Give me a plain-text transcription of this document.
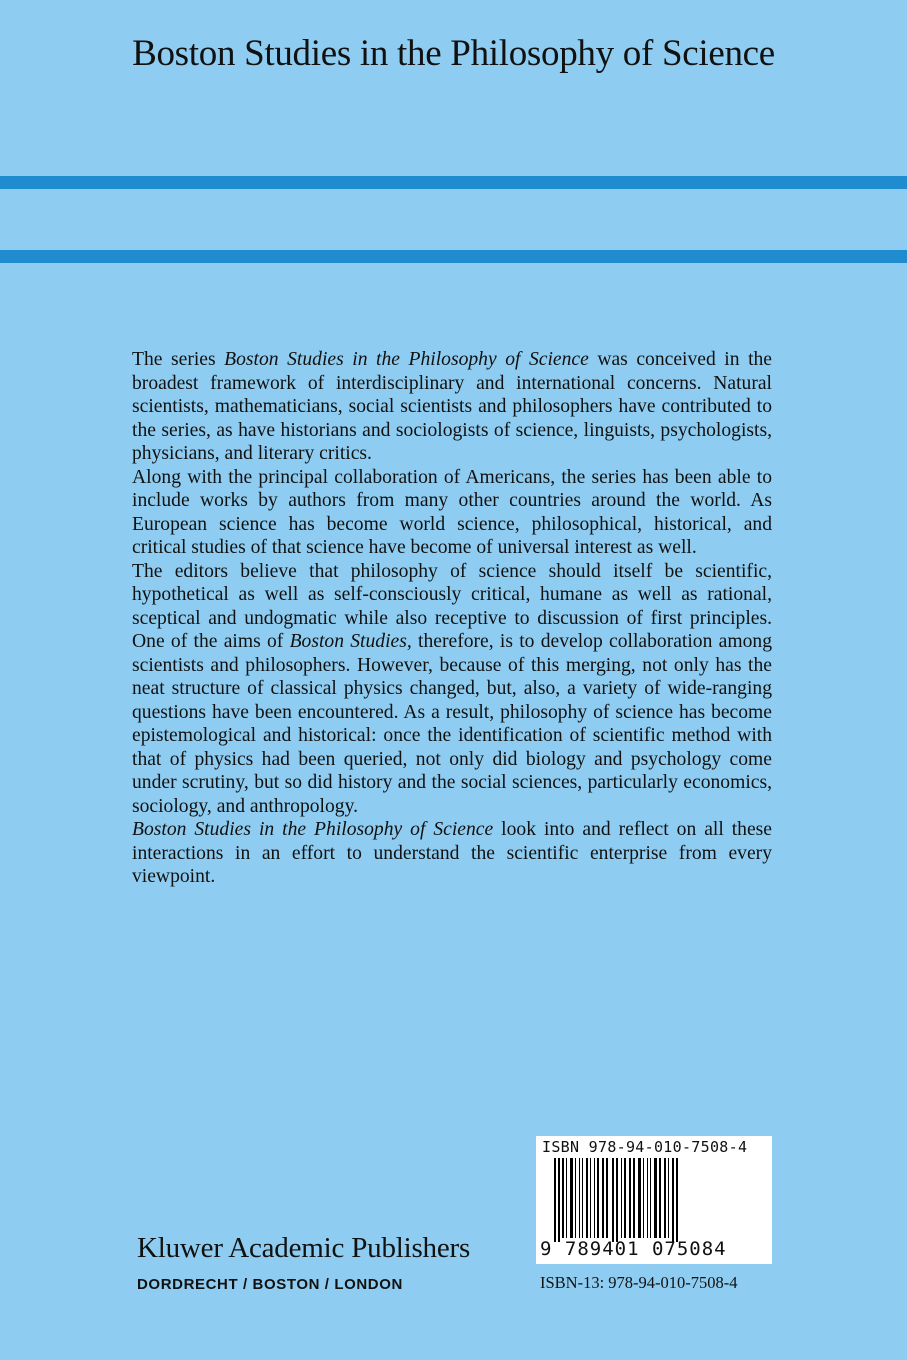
Boston Studies in the Philosophy of Science

The series Boston Studies in the Philosophy of Science was conceived in the broadest framework of interdisciplinary and international concerns. Natural scientists, mathematicians, social scientists and philosophers have contributed to the series, as have historians and sociologists of science, linguists, psychologists, physicians, and literary critics.

Along with the principal collaboration of Americans, the series has been able to include works by authors from many other countries around the world. As European science has become world science, philosophical, historical, and critical studies of that science have become of universal interest as well.

The editors believe that philosophy of science should itself be scientific, hypothetical as well as self-consciously critical, humane as well as rational, sceptical and undogmatic while also receptive to discussion of first principles. One of the aims of Boston Studies, therefore, is to develop collaboration among scientists and philosophers. However, because of this merging, not only has the neat structure of classical physics changed, but, also, a variety of wide-ranging questions have been encountered. As a result, philosophy of science has become epistemological and historical: once the identification of scientific method with that of physics had been queried, not only did biology and psychology come under scrutiny, but so did history and the social sciences, particularly economics, sociology, and anthropology.

Boston Studies in the Philosophy of Science look into and reflect on all these interactions in an effort to understand the scientific enterprise from every viewpoint.

Kluwer Academic Publishers
DORDRECHT / BOSTON / LONDON
ISBN 978-94-010-7508-4
9 789401 075084
ISBN-13: 978-94-010-7508-4
